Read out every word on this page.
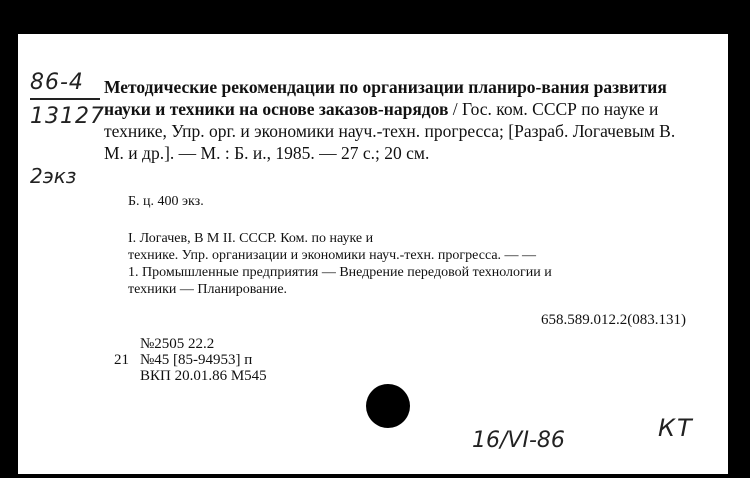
86-4
13127
2экз
Методические рекомендации по организации планиро-вания развития науки и техники на основе заказов-нарядов / Гос. ком. СССР по науке и технике, Упр. орг. и экономики науч.-техн. прогресса; [Разраб. Логачевым В. М. и др.]. — М. : Б. и., 1985. — 27 с.; 20 см.
Б. ц. 400 экз.
I. Логачев, В М II. СССР. Ком. по науке и
технике. Упр. организации и экономики науч.-техн. прогресса. — —
1. Промышленные предприятия — Внедрение передовой технологии и
техники — Планирование.
658.589.012.2(083.131)
№2505 22.2
21 №45 [85-94953] п
ВКП 20.01.86 М545
16/VI-86	КТ
